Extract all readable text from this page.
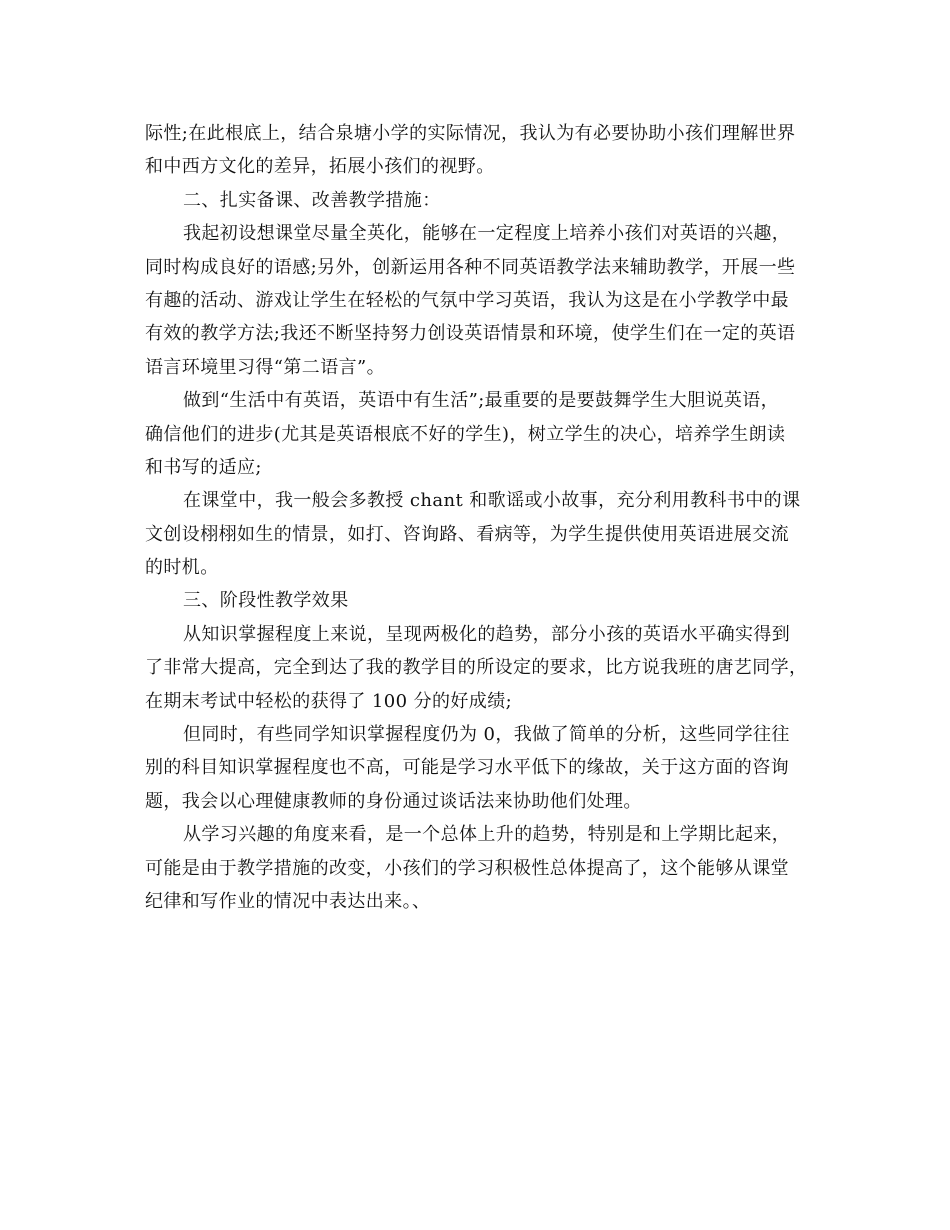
际性;在此根底上，结合泉塘小学的实际情况，我认为有必要协助小孩们理解世界
和中西方文化的差异，拓展小孩们的视野。
二、扎实备课、改善教学措施：
我起初设想课堂尽量全英化，能够在一定程度上培养小孩们对英语的兴趣，
同时构成良好的语感;另外，创新运用各种不同英语教学法来辅助教学，开展一些
有趣的活动、游戏让学生在轻松的气氛中学习英语，我认为这是在小学教学中最
有效的教学方法;我还不断坚持努力创设英语情景和环境，使学生们在一定的英语
语言环境里习得“第二语言”。
做到“生活中有英语，英语中有生活”;最重要的是要鼓舞学生大胆说英语，
确信他们的进步(尤其是英语根底不好的学生)，树立学生的决心，培养学生朗读
和书写的适应;
在课堂中，我一般会多教授 chant 和歌谣或小故事，充分利用教科书中的课
文创设栩栩如生的情景，如打、咨询路、看病等，为学生提供使用英语进展交流
的时机。
三、阶段性教学效果
从知识掌握程度上来说，呈现两极化的趋势，部分小孩的英语水平确实得到
了非常大提高，完全到达了我的教学目的所设定的要求，比方说我班的唐艺同学，
在期末考试中轻松的获得了 100 分的好成绩;
但同时，有些同学知识掌握程度仍为 0，我做了简单的分析，这些同学往往
别的科目知识掌握程度也不高，可能是学习水平低下的缘故，关于这方面的咨询
题，我会以心理健康教师的身份通过谈话法来协助他们处理。
从学习兴趣的角度来看，是一个总体上升的趋势，特别是和上学期比起来，
可能是由于教学措施的改变，小孩们的学习积极性总体提高了，这个能够从课堂
纪律和写作业的情况中表达出来。、
